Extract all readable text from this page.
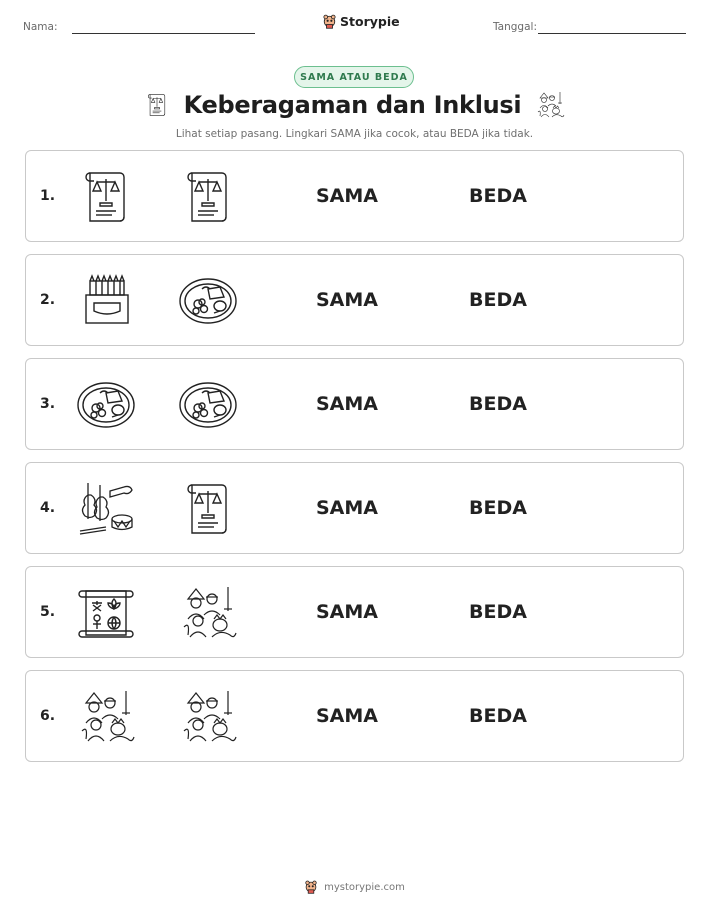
Nama:	Storypie	Tanggal:
SAMA ATAU BEDA
Keberagaman dan Inklusi
Lihat setiap pasang. Lingkari SAMA jika cocok, atau BEDA jika tidak.
1.	SAMA	BEDA
2.	SAMA	BEDA
3.	SAMA	BEDA
4.	SAMA	BEDA
5.	SAMA	BEDA
6.	SAMA	BEDA
mystorypie.com
